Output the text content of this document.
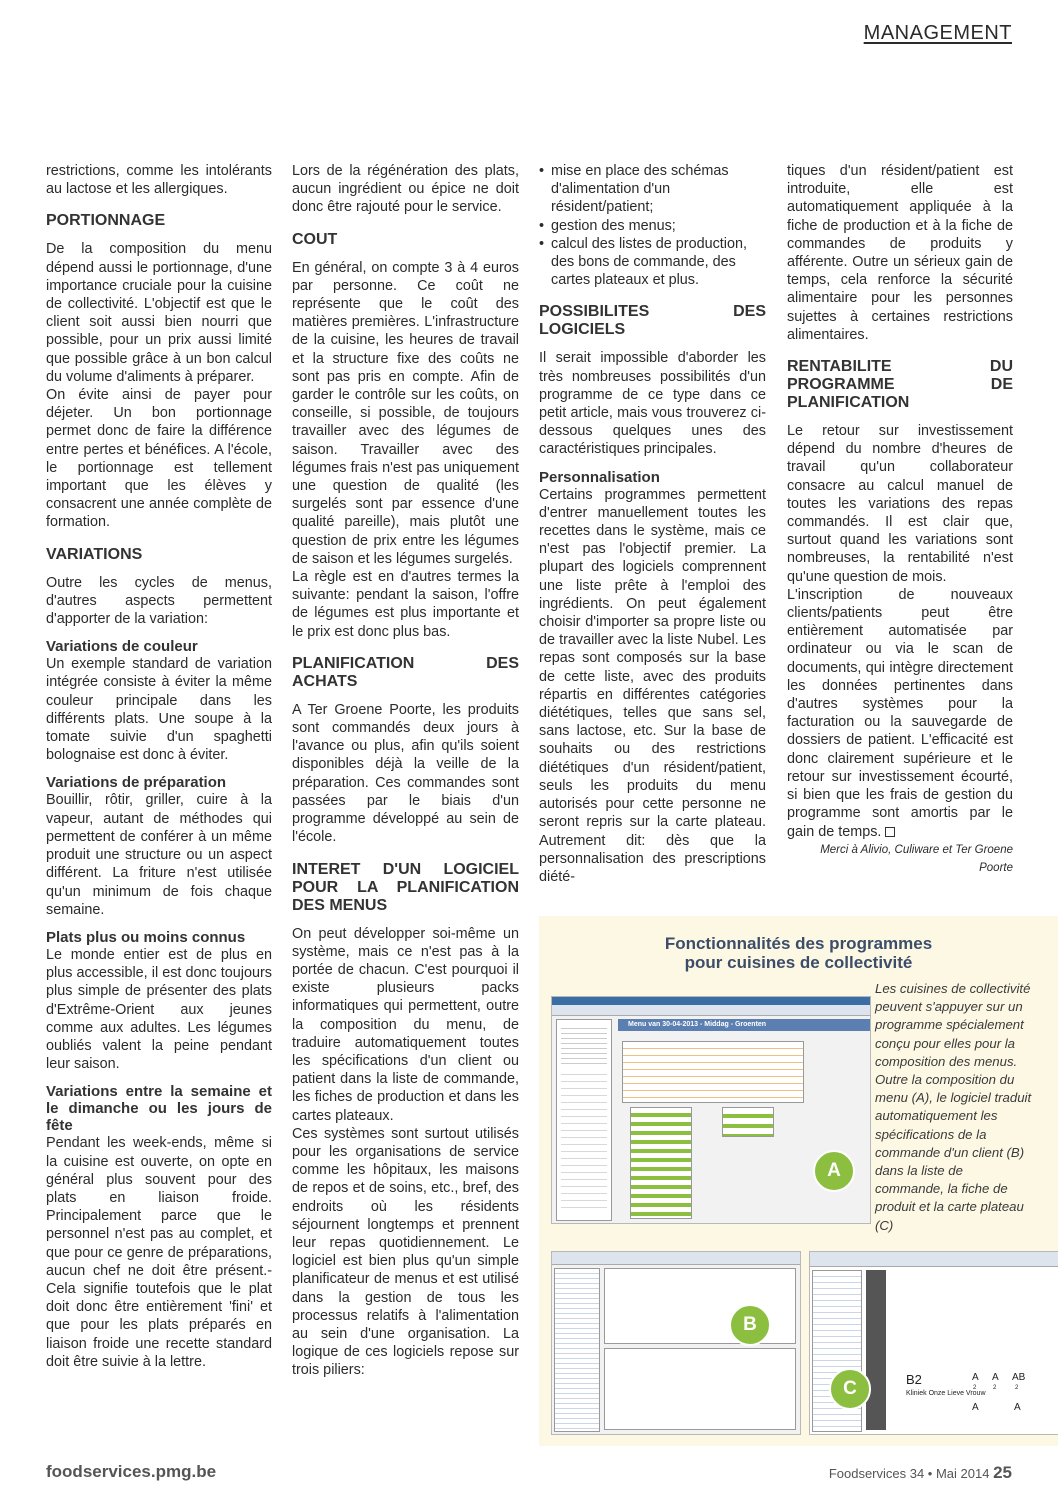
MANAGEMENT

restrictions, comme les intolérants au lactose et les allergiques.

PORTIONNAGE

De la composition du menu dépend aussi le portionnage, d'une importance cruciale pour la cuisine de collectivité. L'objectif est que le client soit aussi bien nourri que possible, pour un prix aussi limité que possible grâce à un bon calcul du volume d'aliments à préparer.

On évite ainsi de payer pour déjeter. Un bon portionnage permet donc de faire la différence entre pertes et bénéfices. A l'école, le portionnage est tellement important que les élèves y consacrent une année complète de formation.

VARIATIONS

Outre les cycles de menus, d'autres aspects permettent d'apporter de la variation:

Variations de couleur

Un exemple standard de variation intégrée consiste à éviter la même couleur principale dans les différents plats. Une soupe à la tomate suivie d'un spaghetti bolognaise est donc à éviter.

Variations de préparation

Bouillir, rôtir, griller, cuire à la vapeur, autant de méthodes qui permettent de conférer à un même produit une structure ou un aspect différent. La friture n'est utilisée qu'un minimum de fois chaque semaine.

Plats plus ou moins connus

Le monde entier est de plus en plus accessible, il est donc toujours plus simple de présenter des plats d'Extrême-Orient aux jeunes comme aux adultes. Les légumes oubliés valent la peine pendant leur saison.

Variations entre la semaine et le dimanche ou les jours de fête

Pendant les week-ends, même si la cuisine est ouverte, on opte en général plus souvent pour des plats en liaison froide. Principalement parce que le personnel n'est pas au complet, et que pour ce genre de préparations, aucun chef ne doit être présent.- Cela signifie toutefois que le plat doit donc être entièrement 'fini' et que pour les plats préparés en liaison froide une recette standard doit être suivie à la lettre.

Lors de la régénération des plats, aucun ingrédient ou épice ne doit donc être rajouté pour le service.

COUT

En général, on compte 3 à 4 euros par personne. Ce coût ne représente que le coût des matières premières. L'infrastructure de la cuisine, les heures de travail et la structure fixe des coûts ne sont pas pris en compte. Afin de garder le contrôle sur les coûts, on conseille, si possible, de toujours travailler avec des légumes de saison. Travailler avec des légumes frais n'est pas uniquement une question de qualité (les surgelés sont par essence d'une qualité pareille), mais plutôt une question de prix entre les légumes de saison et les légumes surgelés.

La règle est en d'autres termes la suivante: pendant la saison, l'offre de légumes est plus importante et le prix est donc plus bas.

PLANIFICATION DES ACHATS

A Ter Groene Poorte, les produits sont commandés deux jours à l'avance ou plus, afin qu'ils soient disponibles déjà la veille de la préparation. Ces commandes sont passées par le biais d'un programme développé au sein de l'école.

INTERET D'UN LOGICIEL POUR LA PLANIFICATION DES MENUS

On peut développer soi-même un système, mais ce n'est pas à la portée de chacun. C'est pourquoi il existe plusieurs packs informatiques qui permettent, outre la composition du menu, de traduire automatiquement toutes les spécifications d'un client ou patient dans la liste de commande, les fiches de production et dans les cartes plateaux.

Ces systèmes sont surtout utilisés pour les organisations de service comme les hôpitaux, les maisons de repos et de soins, etc., bref, des endroits où les résidents séjournent longtemps et prennent leur repas quotidiennement. Le logiciel est bien plus qu'un simple planificateur de menus et est utilisé dans la gestion de tous les processus relatifs à l'alimentation au sein d'une organisation. La logique de ces logiciels repose sur trois piliers:

• mise en place des schémas d'alimentation d'un résident/patient;
• gestion des menus;
• calcul des listes de production, des bons de commande, des cartes plateaux et plus.
POSSIBILITES DES LOGICIELS

Il serait impossible d'aborder les très nombreuses possibilités d'un programme de ce type dans ce petit article, mais vous trouverez ci-dessous quelques unes des caractéristiques principales.

Personnalisation

Certains programmes permettent d'entrer manuellement toutes les recettes dans le système, mais ce n'est pas l'objectif premier. La plupart des logiciels comprennent une liste prête à l'emploi des ingrédients. On peut également choisir d'importer sa propre liste ou de travailler avec la liste Nubel. Les repas sont composés sur la base de cette liste, avec des produits répartis en différentes catégories diététiques, telles que sans sel, sans lactose, etc. Sur la base de souhaits ou des restrictions diététiques d'un résident/patient, seuls les produits du menu autorisés pour cette personne ne seront repris sur la carte plateau. Autrement dit: dès que la personnalisation des prescriptions diété-

tiques d'un résident/patient est introduite, elle est automatiquement appliquée à la fiche de production et à la fiche de commandes de produits y afférente. Outre un sérieux gain de temps, cela renforce la sécurité alimentaire pour les personnes sujettes à certaines restrictions alimentaires.

RENTABILITE DU PROGRAMME DE PLANIFICATION

Le retour sur investissement dépend du nombre d'heures de travail qu'un collaborateur consacre au calcul manuel de toutes les variations des repas commandés. Il est clair que, surtout quand les variations sont nombreuses, la rentabilité n'est qu'une question de mois.

L'inscription de nouveaux clients/patients peut être entièrement automatisée par ordinateur ou via le scan de documents, qui intègre directement les données pertinentes dans d'autres systèmes pour la facturation ou la sauvegarde de dossiers de patient. L'efficacité est donc clairement supérieure et le retour sur investissement écourté, si bien que les frais de gestion du programme sont amortis par le gain de temps.

Merci à Alivio, Culiware et Ter Groene Poorte

Fonctionnalités des programmes
pour cuisines de collectivité
Menu van 30-04-2013 - Middag - Groenten
A
Les cuisines de collectivité peuvent s'appuyer sur un programme spécialement conçu pour elles pour la composition des menus. Outre la composition du menu (A), le logiciel traduit automatiquement les spécifications de la commande d'un client (B) dans la liste de commande, la fiche de produit et la carte plateau (C)
B
B2
Kliniek Onze Lieve Vrouw
A A AB
2	2	2
A	A
C
foodservices.pmg.be	Foodservices 34 • Mai 2014 25
